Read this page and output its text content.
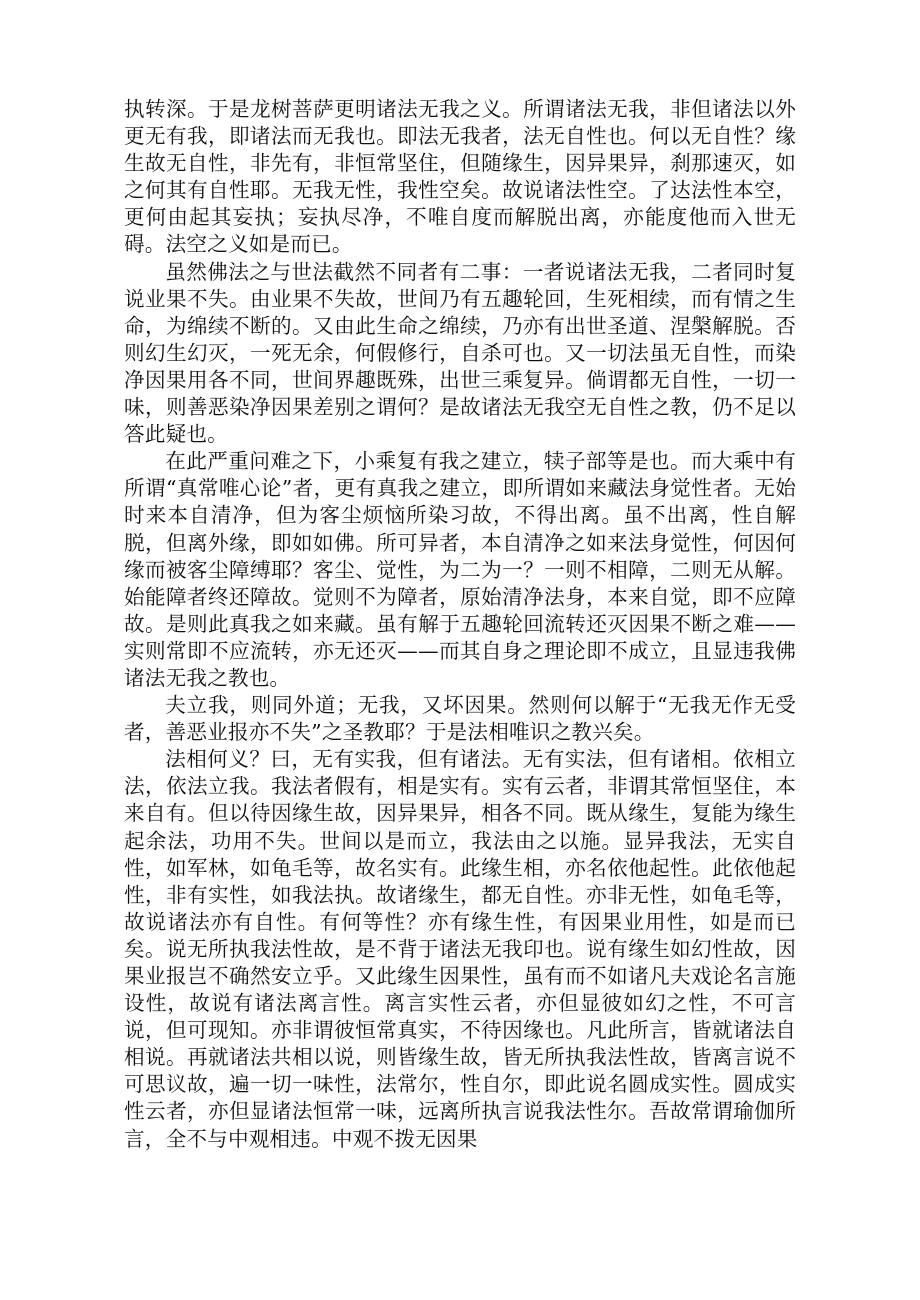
执转深。于是龙树菩萨更明诸法无我之义。所谓诸法无我，非但诸法以外更无有我，即诸法而无我也。即法无我者，法无自性也。何以无自性？缘生故无自性，非先有，非恒常坚住，但随缘生，因异果异，刹那速灭，如之何其有自性耶。无我无性，我性空矣。故说诸法性空。了达法性本空，更何由起其妄执；妄执尽净，不唯自度而解脱出离，亦能度他而入世无碍。法空之义如是而已。

虽然佛法之与世法截然不同者有二事：一者说诸法无我，二者同时复说业果不失。由业果不失故，世间乃有五趣轮回，生死相续，而有情之生命，为绵续不断的。又由此生命之绵续，乃亦有出世圣道、涅槃解脱。否则幻生幻灭，一死无余，何假修行，自杀可也。又一切法虽无自性，而染净因果用各不同，世间界趣既殊，出世三乘复异。倘谓都无自性，一切一味，则善恶染净因果差别之谓何？是故诸法无我空无自性之教，仍不足以答此疑也。

在此严重问难之下，小乘复有我之建立，犊子部等是也。而大乘中有所谓“真常唯心论”者，更有真我之建立，即所谓如来藏法身觉性者。无始时来本自清净，但为客尘烦恼所染习故，不得出离。虽不出离，性自解脱，但离外缘，即如如佛。所可异者，本自清净之如来法身觉性，何因何缘而被客尘障缚耶？客尘、觉性，为二为一？一则不相障，二则无从解。始能障者终还障故。觉则不为障者，原始清净法身，本来自觉，即不应障故。是则此真我之如来藏。虽有解于五趣轮回流转还灭因果不断之难——实则常即不应流转，亦无还灭——而其自身之理论即不成立，且显违我佛诸法无我之教也。

夫立我，则同外道；无我，又坏因果。然则何以解于“无我无作无受者，善恶业报亦不失”之圣教耶？于是法相唯识之教兴矣。

法相何义？曰，无有实我，但有诸法。无有实法，但有诸相。依相立法，依法立我。我法者假有，相是实有。实有云者，非谓其常恒坚住，本来自有。但以待因缘生故，因异果异，相各不同。既从缘生，复能为缘生起余法，功用不失。世间以是而立，我法由之以施。显异我法，无实自性，如军林，如龟毛等，故名实有。此缘生相，亦名依他起性。此依他起性，非有实性，如我法执。故诸缘生，都无自性。亦非无性，如龟毛等，故说诸法亦有自性。有何等性？亦有缘生性，有因果业用性，如是而已矣。说无所执我法性故，是不背于诸法无我印也。说有缘生如幻性故，因果业报岂不确然安立乎。又此缘生因果性，虽有而不如诸凡夫戏论名言施设性，故说有诸法离言性。离言实性云者，亦但显彼如幻之性，不可言说，但可现知。亦非谓彼恒常真实，不待因缘也。凡此所言，皆就诸法自相说。再就诸法共相以说，则皆缘生故，皆无所执我法性故，皆离言说不可思议故，遍一切一味性，法常尔，性自尔，即此说名圆成实性。圆成实性云者，亦但显诸法恒常一味，远离所执言说我法性尔。吾故常谓瑜伽所言，全不与中观相违。中观不拨无因果
